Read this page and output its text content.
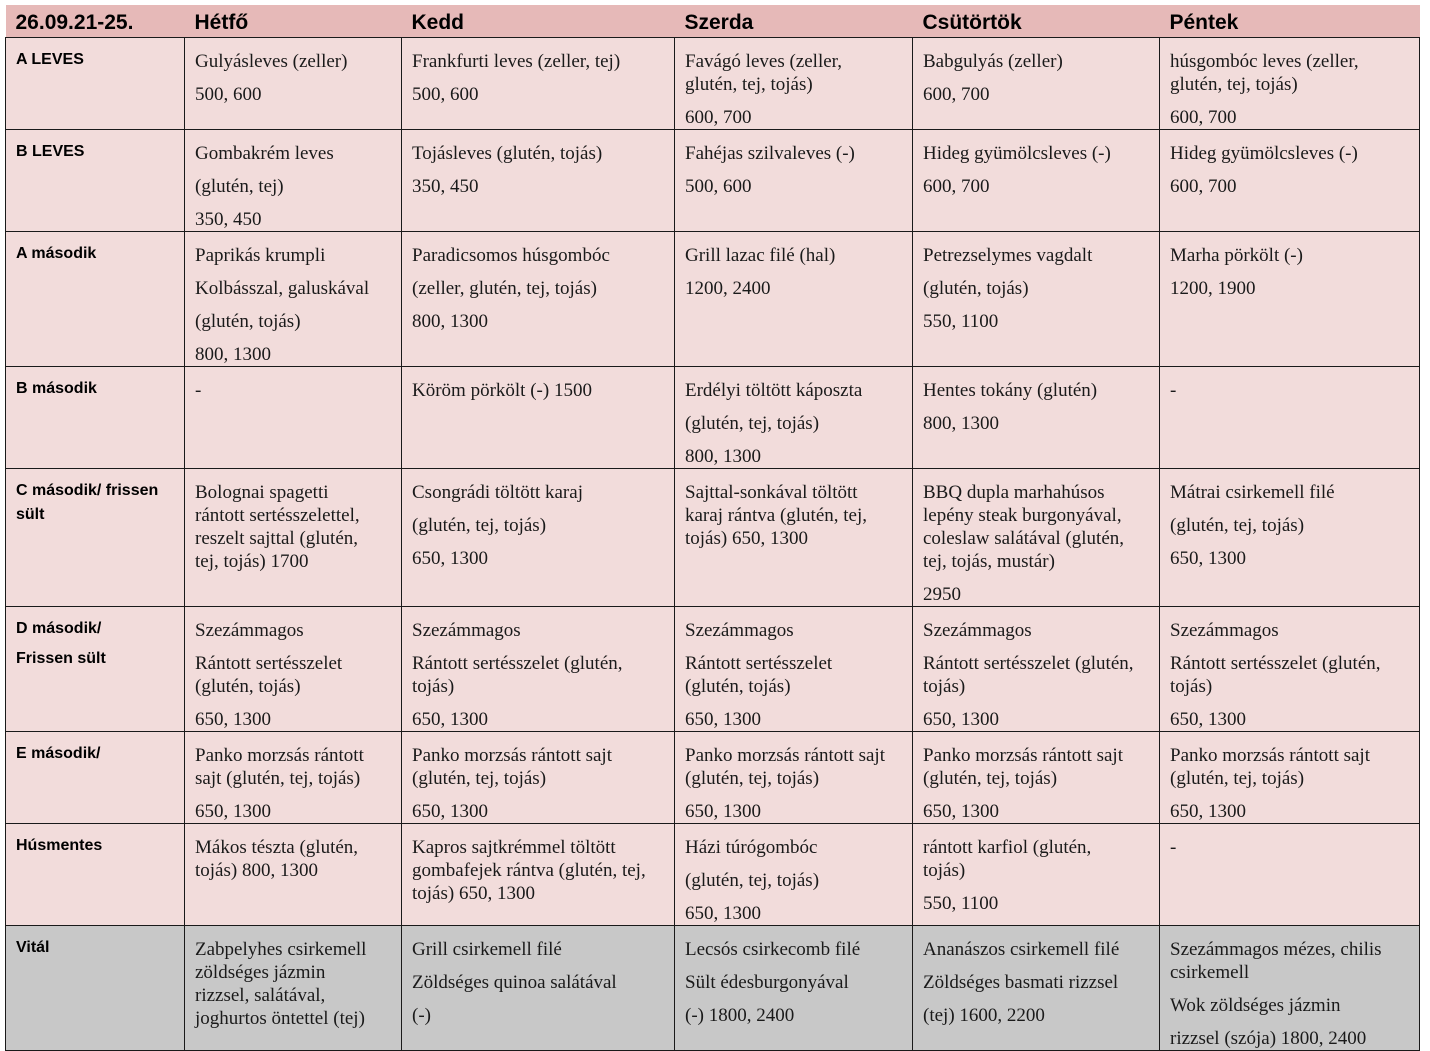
26.09.21-25.	Hétfő	Kedd	Szerda	Csütörtök	Péntek

A LEVES	Gulyásleves (zeller)
500, 600	Frankfurti leves (zeller, tej)
500, 600	Favágó leves (zeller,
glutén, tej, tojás)
600, 700	Babgulyás (zeller)
600, 700	húsgombóc leves (zeller,
glutén, tej, tojás)
600, 700

B LEVES	Gombakrém leves
(glutén, tej)
350, 450	Tojásleves (glutén, tojás)
350, 450	Fahéjas szilvaleves (-)
500, 600	Hideg gyümölcsleves (-)
600, 700	Hideg gyümölcsleves (-)
600, 700

A második	Paprikás krumpli
Kolbásszal, galuskával
(glutén, tojás)
800, 1300	Paradicsomos húsgombóc
(zeller, glutén, tej, tojás)
800, 1300	Grill lazac filé (hal)
1200, 2400	Petrezselymes vagdalt
(glutén, tojás)
550, 1100	Marha pörkölt (-)
1200, 1900

B második	-	Köröm pörkölt (-) 1500	Erdélyi töltött káposzta
(glutén, tej, tojás)
800, 1300	Hentes tokány (glutén)
800, 1300	-

C második/ frissen
sült	Bolognai spagetti
rántott sertésszelettel,
reszelt sajttal (glutén,
tej, tojás) 1700	Csongrádi töltött karaj
(glutén, tej, tojás)
650, 1300	Sajttal-sonkával töltött
karaj rántva (glutén, tej,
tojás) 650, 1300	BBQ dupla marhahúsos
lepény steak burgonyával,
coleslaw salátával (glutén,
tej, tojás, mustár)
2950	Mátrai csirkemell filé
(glutén, tej, tojás)
650, 1300

D második/
Frissen sült	Szezámmagos
Rántott sertésszelet
(glutén, tojás)
650, 1300	Szezámmagos
Rántott sertésszelet (glutén,
tojás)
650, 1300	Szezámmagos
Rántott sertésszelet
(glutén, tojás)
650, 1300	Szezámmagos
Rántott sertésszelet (glutén,
tojás)
650, 1300	Szezámmagos
Rántott sertésszelet (glutén,
tojás)
650, 1300

E második/	Panko morzsás rántott
sajt (glutén, tej, tojás)
650, 1300	Panko morzsás rántott sajt
(glutén, tej, tojás)
650, 1300	Panko morzsás rántott sajt
(glutén, tej, tojás)
650, 1300	Panko morzsás rántott sajt
(glutén, tej, tojás)
650, 1300	Panko morzsás rántott sajt
(glutén, tej, tojás)
650, 1300

Húsmentes	Mákos tészta (glutén,
tojás) 800, 1300	Kapros sajtkrémmel töltött
gombafejek rántva (glutén, tej,
tojás) 650, 1300	Házi túrógombóc
(glutén, tej, tojás)
650, 1300	rántott karfiol (glutén,
tojás)
550, 1100	-

Vitál	Zabpelyhes csirkemell
zöldséges jázmin
rizzsel, salátával,
joghurtos öntettel (tej)	Grill csirkemell filé
Zöldséges quinoa salátával
(-)	Lecsós csirkecomb filé
Sült édesburgonyával
(-) 1800, 2400	Ananászos csirkemell filé
Zöldséges basmati rizzsel
(tej) 1600, 2200	Szezámmagos mézes, chilis
csirkemell
Wok zöldséges jázmin
rizzsel (szója) 1800, 2400
